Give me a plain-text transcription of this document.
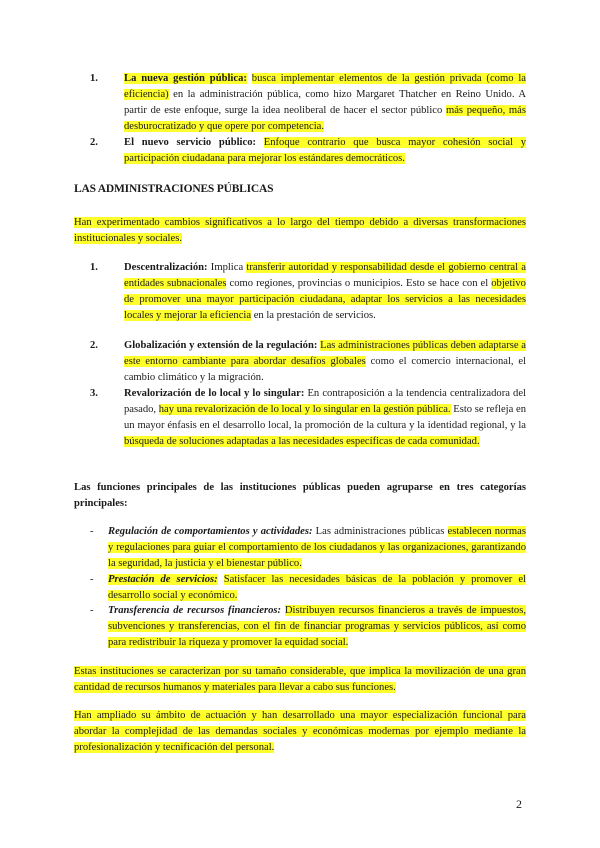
1. La nueva gestión pública: busca implementar elementos de la gestión privada (como la eficiencia) en la administración pública, como hizo Margaret Thatcher en Reino Unido. A partir de este enfoque, surge la idea neoliberal de hacer el sector público más pequeño, más desburocratizado y que opere por competencia.
2. El nuevo servicio público: Enfoque contrario que busca mayor cohesión social y participación ciudadana para mejorar los estándares democráticos.
LAS ADMINISTRACIONES PÚBLICAS
Han experimentado cambios significativos a lo largo del tiempo debido a diversas transformaciones institucionales y sociales.
1. Descentralización: Implica transferir autoridad y responsabilidad desde el gobierno central a entidades subnacionales como regiones, provincias o municipios. Esto se hace con el objetivo de promover una mayor participación ciudadana, adaptar los servicios a las necesidades locales y mejorar la eficiencia en la prestación de servicios.
2. Globalización y extensión de la regulación: Las administraciones públicas deben adaptarse a este entorno cambiante para abordar desafíos globales como el comercio internacional, el cambio climático y la migración.
3. Revalorización de lo local y lo singular: En contraposición a la tendencia centralizadora del pasado, hay una revalorización de lo local y lo singular en la gestión pública. Esto se refleja en un mayor énfasis en el desarrollo local, la promoción de la cultura y la identidad regional, y la búsqueda de soluciones adaptadas a las necesidades específicas de cada comunidad.
Las funciones principales de las instituciones públicas pueden agruparse en tres categorías principales:
- Regulación de comportamientos y actividades: Las administraciones públicas establecen normas y regulaciones para guiar el comportamiento de los ciudadanos y las organizaciones, garantizando la seguridad, la justicia y el bienestar público.
- Prestación de servicios: Satisfacer las necesidades básicas de la población y promover el desarrollo social y económico.
- Transferencia de recursos financieros: Distribuyen recursos financieros a través de impuestos, subvenciones y transferencias, con el fin de financiar programas y servicios públicos, así como para redistribuir la riqueza y promover la equidad social.
Estas instituciones se caracterizan por su tamaño considerable, que implica la movilización de una gran cantidad de recursos humanos y materiales para llevar a cabo sus funciones.
Han ampliado su ámbito de actuación y han desarrollado una mayor especialización funcional para abordar la complejidad de las demandas sociales y económicas modernas por ejemplo mediante la profesionalización y tecnificación del personal.
2
